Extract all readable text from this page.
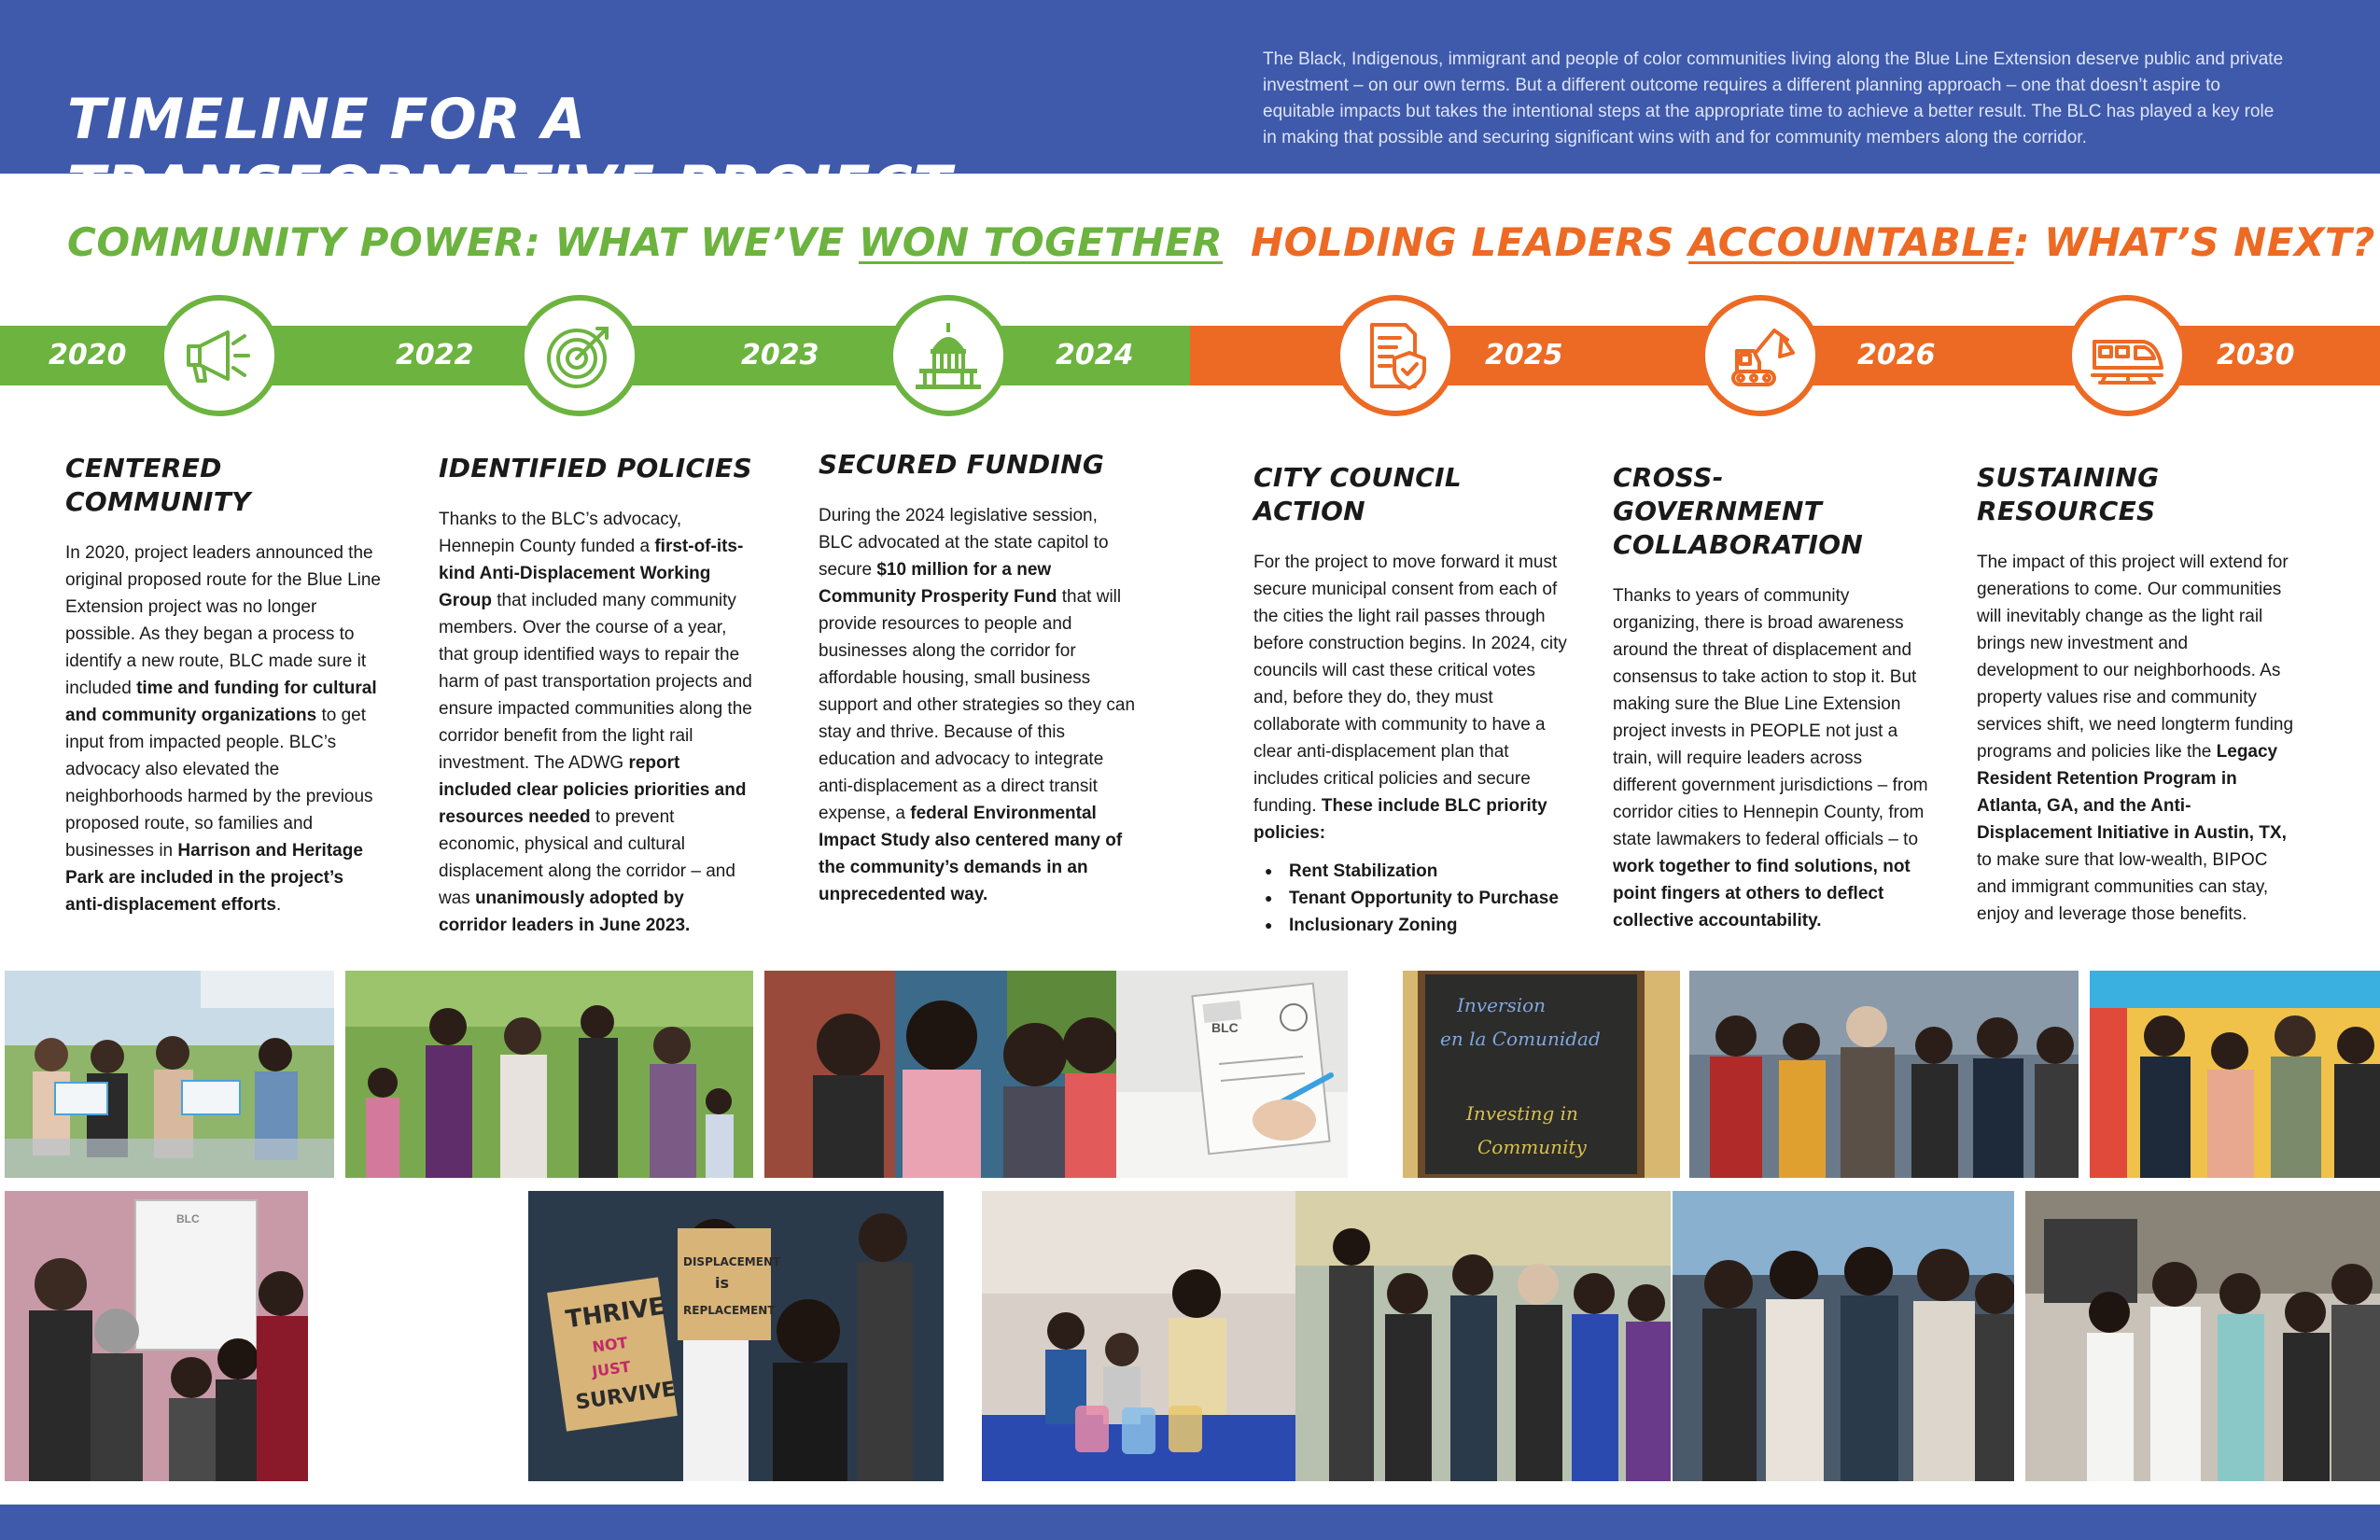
TIMELINE FOR A TRANSFORMATIVE PROJECT
The Black, Indigenous, immigrant and people of color communities living along the Blue Line Extension deserve public and private investment – on our own terms. But a different outcome requires a different planning approach – one that doesn’t aspire to equitable impacts but takes the intentional steps at the appropriate time to achieve a better result. The BLC has played a key role in making that possible and securing significant wins with and for community members along the corridor.
COMMUNITY POWER: WHAT WE’VE WON TOGETHER HOLDING LEADERS ACCOUNTABLE: WHAT’S NEXT?
2020	2022	2023	2024	2025	2026	2030
CENTERED COMMUNITY
In 2020, project leaders announced the original proposed route for the Blue Line Extension project was no longer possible. As they began a process to identify a new route, BLC made sure it included time and funding for cultural and community organizations to get input from impacted people. BLC’s advocacy also elevated the neighborhoods harmed by the previous proposed route, so families and businesses in Harrison and Heritage Park are included in the project’s anti-displacement efforts.
IDENTIFIED POLICIES
Thanks to the BLC’s advocacy, Hennepin County funded a first-of-its-kind Anti-Displacement Working Group that included many community members. Over the course of a year, that group identified ways to repair the harm of past transportation projects and ensure impacted communities along the corridor benefit from the light rail investment. The ADWG report included clear policies priorities and resources needed to prevent economic, physical and cultural displacement along the corridor – and was unanimously adopted by corridor leaders in June 2023.
SECURED FUNDING
During the 2024 legislative session, BLC advocated at the state capitol to secure $10 million for a new Community Prosperity Fund that will provide resources to people and businesses along the corridor for affordable housing, small business support and other strategies so they can stay and thrive. Because of this education and advocacy to integrate anti-displacement as a direct transit expense, a federal Environmental Impact Study also centered many of the community’s demands in an unprecedented way.
CITY COUNCIL ACTION
For the project to move forward it must secure municipal consent from each of the cities the light rail passes through before construction begins. In 2024, city councils will cast these critical votes and, before they do, they must collaborate with community to have a clear anti-displacement plan that includes critical policies and secure funding. These include BLC priority policies:
● Rent Stabilization
● Tenant Opportunity to Purchase
● Inclusionary Zoning
CROSS-GOVERNMENT COLLABORATION
Thanks to years of community organizing, there is broad awareness around the threat of displacement and consensus to take action to stop it. But making sure the Blue Line Extension project invests in PEOPLE not just a train, will require leaders across different government jurisdictions – from corridor cities to Hennepin County, from state lawmakers to federal officials – to work together to find solutions, not point fingers at others to deflect collective accountability.
SUSTAINING RESOURCES
The impact of this project will extend for generations to come. Our communities will inevitably change as the light rail brings new investment and development to our neighborhoods. As property values rise and community services shift, we need longterm funding programs and policies like the Legacy Resident Retention Program in Atlanta, GA, and the Anti-Displacement Initiative in Austin, TX, to make sure that low-wealth, BIPOC and immigrant communities can stay, enjoy and leverage those benefits.
BLC
Inversion
en la Comunidad
Investing in
Community
BLC
THRIVE
NOT
JUST
SURVIVE
DISPLACEMENT
is
REPLACEMENT
